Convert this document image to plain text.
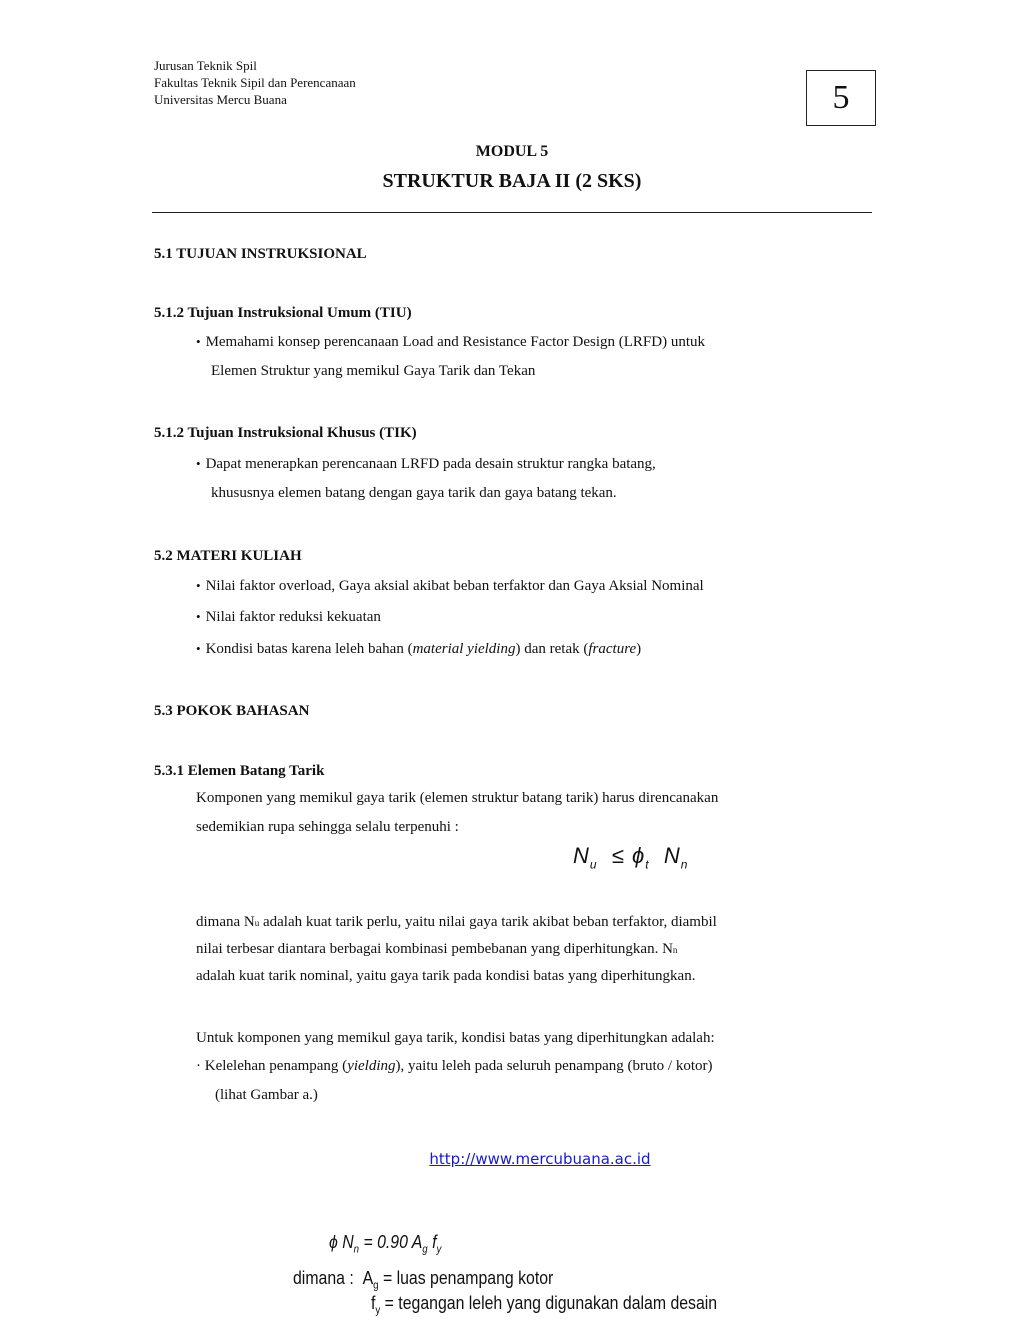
Jurusan Teknik Spil
Fakultas Teknik Sipil dan Perencanaan
Universitas Mercu Buana	5
MODUL 5
STRUKTUR BAJA II (2 SKS)
5.1 TUJUAN INSTRUKSIONAL
5.1.2 Tujuan Instruksional Umum (TIU)
• Memahami konsep perencanaan Load and Resistance Factor Design (LRFD) untuk
Elemen Struktur yang memikul Gaya Tarik dan Tekan
5.1.2 Tujuan Instruksional Khusus (TIK)
• Dapat menerapkan perencanaan LRFD pada desain struktur rangka batang,
khususnya elemen batang dengan gaya tarik dan gaya batang tekan.
5.2 MATERI KULIAH
• Nilai faktor overload, Gaya aksial akibat beban terfaktor dan Gaya Aksial Nominal
• Nilai faktor reduksi kekuatan
• Kondisi batas karena leleh bahan (material yielding) dan retak (fracture)
5.3 POKOK BAHASAN
5.3.1 Elemen Batang Tarik
Komponen yang memikul gaya tarik (elemen struktur batang tarik) harus direncanakan
sedemikian rupa sehingga selalu terpenuhi :
$N_u \le \phi_t$ $N_n$
dimana Nu adalah kuat tarik perlu, yaitu nilai gaya tarik akibat beban terfaktor, diambil
nilai terbesar diantara berbagai kombinasi pembebanan yang diperhitungkan. Nn
adalah kuat tarik nominal, yaitu gaya tarik pada kondisi batas yang diperhitungkan.
Untuk komponen yang memikul gaya tarik, kondisi batas yang diperhitungkan adalah:
· Kelelehan penampang (yielding), yaitu leleh pada seluruh penampang (bruto / kotor)
(lihat Gambar a.)
http://www.mercubuana.ac.id
ϕ $N_n = 0.90$ $A_g$ $f_y$
dimana : $A_g$ = luas penampang kotor
$f_y$ = tegangan leleh yang digunakan dalam desain
